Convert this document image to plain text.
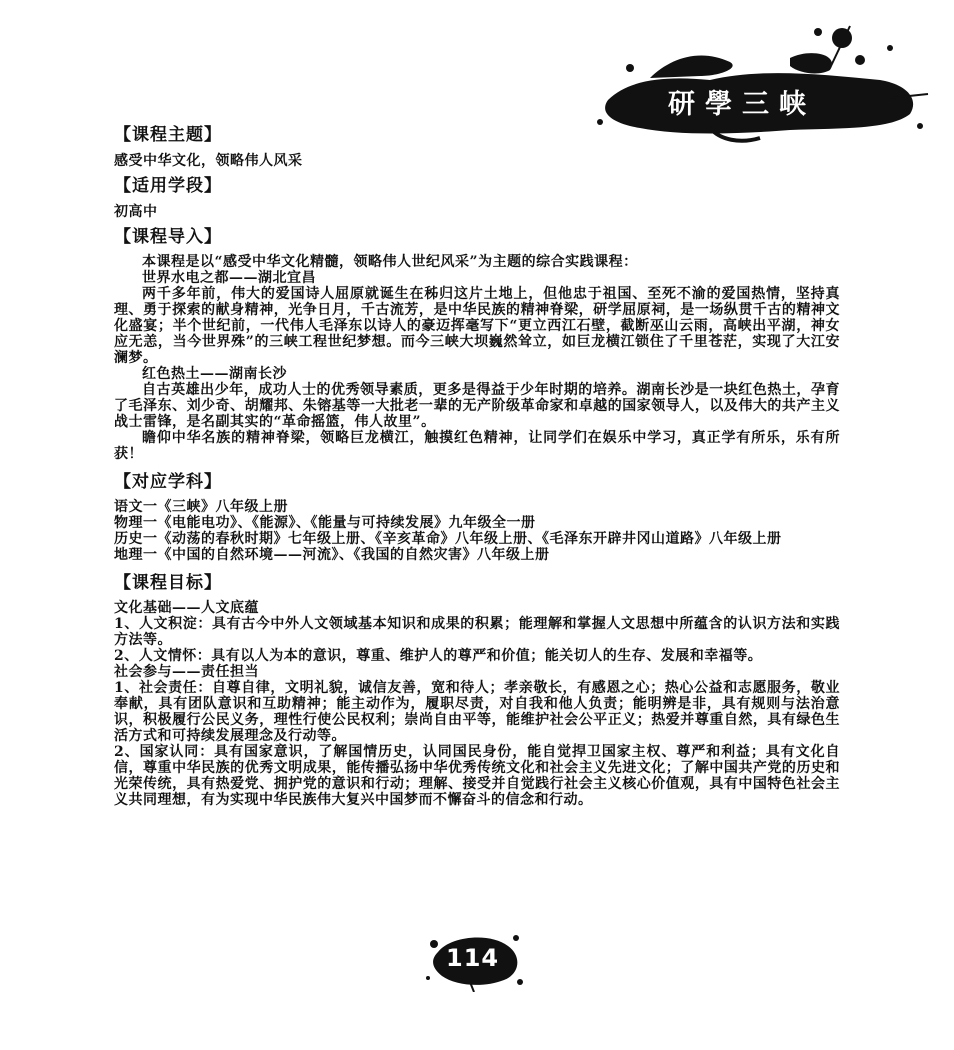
研學三峡
【课程主题】
感受中华文化，领略伟人风采
【适用学段】
初高中
【课程导入】

本课程是以“感受中华文化精髓，领略伟人世纪风采”为主题的综合实践课程：

世界水电之都——湖北宜昌

两千多年前，伟大的爱国诗人屈原就诞生在秭归这片土地上，但他忠于祖国、至死不渝的爱国热情，坚持真理、勇于探索的献身精神，光争日月，千古流芳，是中华民族的精神脊梁，研学屈原祠，是一场纵贯千古的精神文化盛宴；半个世纪前，一代伟人毛泽东以诗人的豪迈挥毫写下“更立西江石壁，截断巫山云雨，高峡出平湖，神女应无恙，当今世界殊”的三峡工程世纪梦想。而今三峡大坝巍然耸立，如巨龙横江锁住了千里苍茫，实现了大江安澜梦。

红色热土——湖南长沙

自古英雄出少年，成功人士的优秀领导素质，更多是得益于少年时期的培养。湖南长沙是一块红色热土，孕育了毛泽东、刘少奇、胡耀邦、朱镕基等一大批老一辈的无产阶级革命家和卓越的国家领导人，以及伟大的共产主义战士雷锋，是名副其实的“革命摇篮，伟人故里”。

瞻仰中华名族的精神脊梁，领略巨龙横江，触摸红色精神，让同学们在娱乐中学习，真正学有所乐，乐有所获！

【对应学科】

语文一《三峡》八年级上册

物理一《电能电功》、《能源》、《能量与可持续发展》九年级全一册

历史一《动荡的春秋时期》七年级上册、《辛亥革命》八年级上册、《毛泽东开辟井冈山道路》八年级上册

地理一《中国的自然环境——河流》、《我国的自然灾害》八年级上册

【课程目标】

文化基础——人文底蕴

1、人文积淀：具有古今中外人文领域基本知识和成果的积累；能理解和掌握人文思想中所蕴含的认识方法和实践方法等。

2、人文情怀：具有以人为本的意识，尊重、维护人的尊严和价值；能关切人的生存、发展和幸福等。

社会参与——责任担当

1、社会责任：自尊自律，文明礼貌，诚信友善，宽和待人；孝亲敬长，有感恩之心；热心公益和志愿服务，敬业奉献，具有团队意识和互助精神；能主动作为，履职尽责，对自我和他人负责；能明辨是非，具有规则与法治意识，积极履行公民义务，理性行使公民权利；崇尚自由平等，能维护社会公平正义；热爱并尊重自然，具有绿色生活方式和可持续发展理念及行动等。

2、国家认同：具有国家意识，了解国情历史，认同国民身份，能自觉捍卫国家主权、尊严和利益；具有文化自信，尊重中华民族的优秀文明成果，能传播弘扬中华优秀传统文化和社会主义先进文化；了解中国共产党的历史和光荣传统，具有热爱党、拥护党的意识和行动；理解、接受并自觉践行社会主义核心价值观，具有中国特色社会主义共同理想，有为实现中华民族伟大复兴中国梦而不懈奋斗的信念和行动。

114
